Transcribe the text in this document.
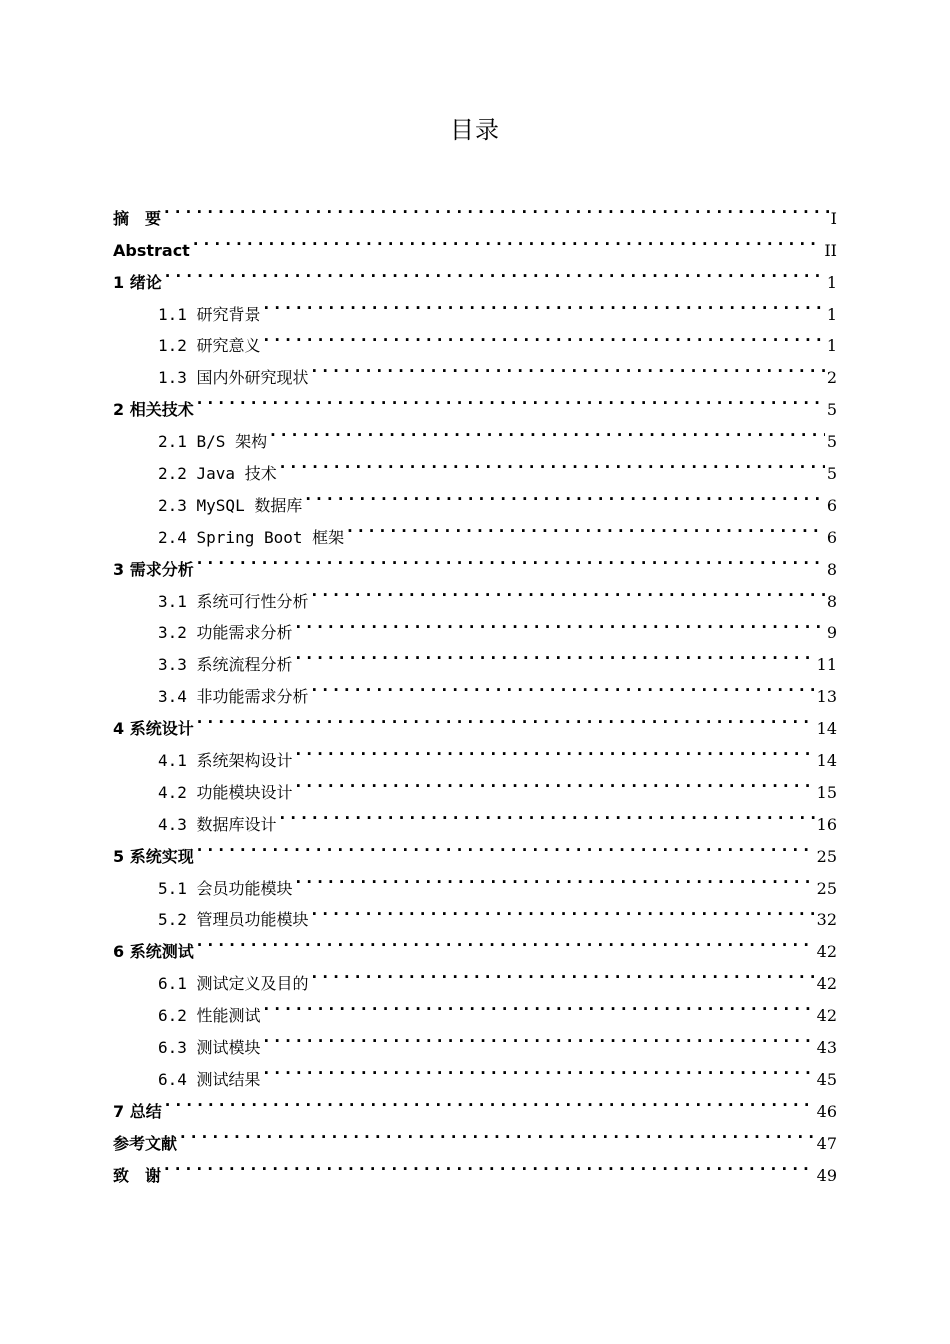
目录
摘　要 .....	I
Abstract .....	II
1 绪论 .....	1
1.1 研究背景 .....	1
1.2 研究意义 .....	1
1.3 国内外研究现状 .....	2
2 相关技术 .....	5
2.1 B/S 架构 .....	5
2.2 Java 技术 .....	5
2.3 MySQL 数据库 .....	6
2.4 Spring Boot 框架 .....	6
3 需求分析 .....	8
3.1 系统可行性分析 .....	8
3.2 功能需求分析 .....	9
3.3 系统流程分析 .....	11
3.4 非功能需求分析 .....	13
4 系统设计 .....	14
4.1 系统架构设计 .....	14
4.2 功能模块设计 .....	15
4.3 数据库设计 .....	16
5 系统实现 .....	25
5.1 会员功能模块 .....	25
5.2 管理员功能模块 .....	32
6 系统测试 .....	42
6.1 测试定义及目的 .....	42
6.2 性能测试 .....	42
6.3 测试模块 .....	43
6.4 测试结果 .....	45
7 总结 .....	46
参考文献 .....	47
致　谢 .....	49
